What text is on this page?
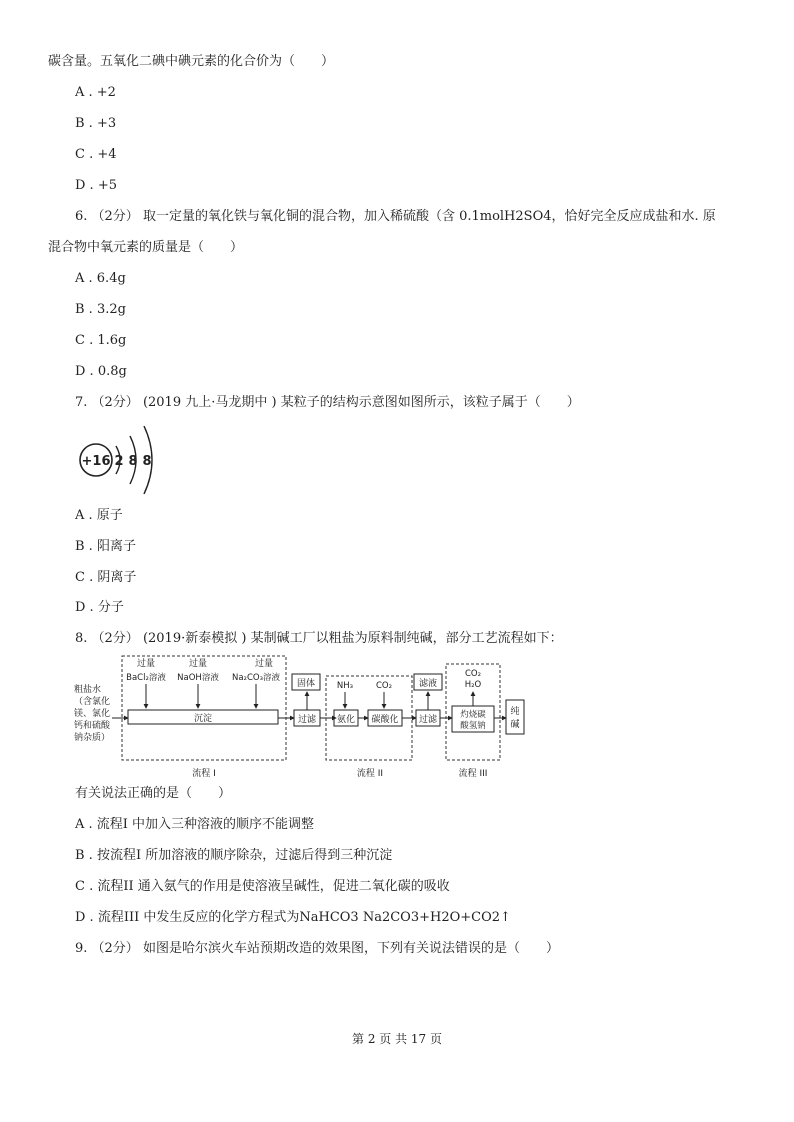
碳含量。五氧化二碘中碘元素的化合价为（　　）
A . +2
B . +3
C . +4
D . +5
6. （2分） 取一定量的氧化铁与氧化铜的混合物，加入稀硫酸（含 0.1molH2SO4，恰好完全反应成盐和水. 原
混合物中氧元素的质量是（　　）
A . 6.4g
B . 3.2g
C . 1.6g
D . 0.8g
7. （2分） (2019 九上·马龙期中 ) 某粒子的结构示意图如图所示，该粒子属于（　　）
+16 2 8 8
A . 原子
B . 阳离子
C . 阴离子
D . 分子
8. （2分） (2019·新泰模拟 ) 某制碱工厂以粗盐为原料制纯碱，部分工艺流程如下：
粗盐水
（含氯化
镁、氯化
钙和硫酸
钠杂质）
过量	过量	过量
BaCl₂溶液 NaOH溶液 Na₂CO₃溶液
沉淀
流程 I
过滤
固体	NH₃	CO₂
氨化 碳酸化
流程 II
过滤
滤液
CO₂
H₂O
灼烧碳
酸氢钠
流程 III
纯
碱
有关说法正确的是（　　）
A . 流程I 中加入三种溶液的顺序不能调整
B . 按流程I 所加溶液的顺序除杂，过滤后得到三种沉淀
C . 流程II 通入氨气的作用是使溶液呈碱性，促进二氧化碳的吸收
D . 流程III 中发生反应的化学方程式为NaHCO3 Na2CO3+H2O+CO2↑
9. （2分） 如图是哈尔滨火车站预期改造的效果图，下列有关说法错误的是（　　）
第 2 页 共 17 页
